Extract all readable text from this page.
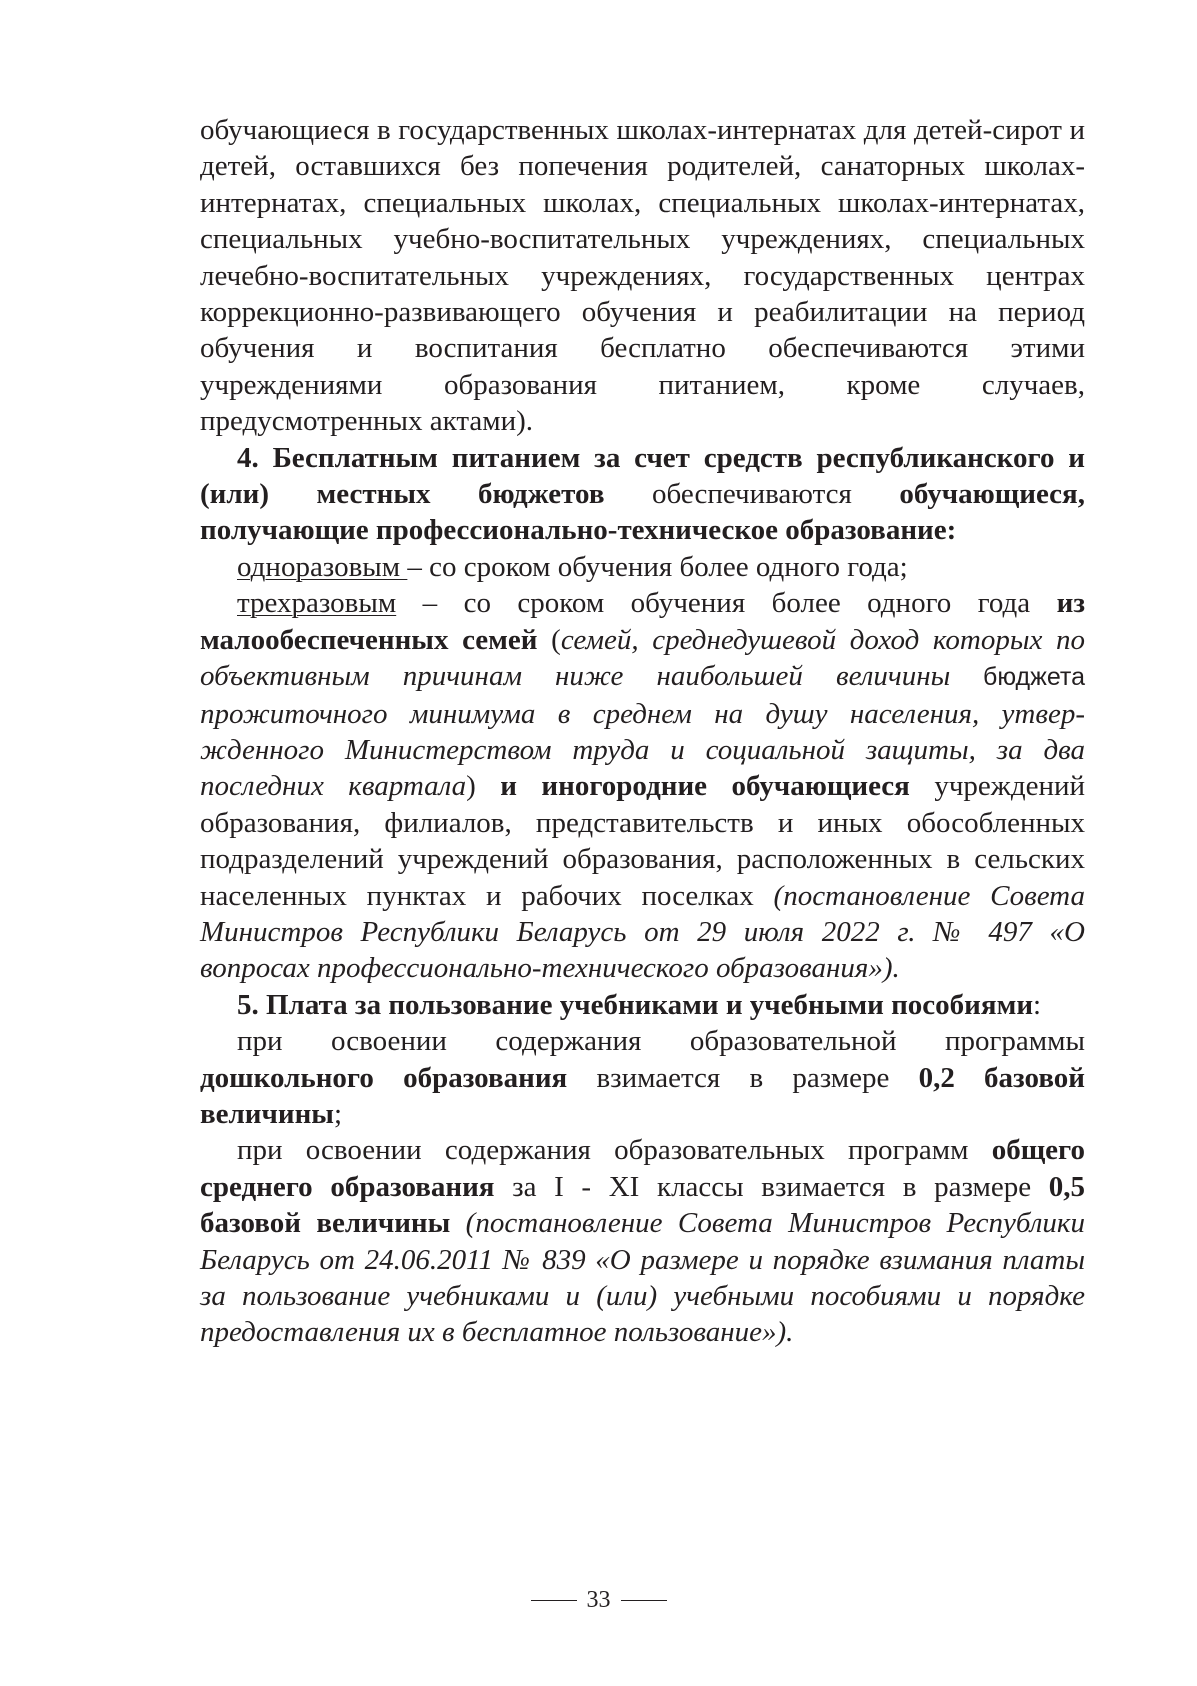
обучающиеся в государственных школах-интернатах для детей-сирот и детей, оставшихся без попечения родителей, санаторных школах-интернатах, специальных школах, специальных школах-интернатах, специальных учебно-воспитательных учреждениях, специальных лечебно-воспитательных учреждениях, государственных центрах коррекционно-развивающего обучения и реабилитации на период обучения и воспитания бесплатно обеспечиваются этими учреждениями образования питанием, кроме случаев, предусмотренных актами).

4. Бесплатным питанием за счет средств республиканского и (или) местных бюджетов обеспечиваются обучающиеся, получающие профессионально-техническое образование:

одноразовым – со сроком обучения более одного года;

трехразовым – со сроком обучения более одного года из малообеспеченных семей (семей, среднедушевой доход которых по объективным причинам ниже наибольшей величины бюджета прожиточного минимума в среднем на душу населения, утвержденного Министерством труда и социальной защиты, за два последних квартала) и иногородние обучающиеся учреждений образования, филиалов, представительств и иных обособленных подразделений учреждений образования, расположенных в сельских населенных пунктах и рабочих поселках (постановление Совета Министров Республики Беларусь от 29 июля 2022 г. № 497 «О вопросах профессионально-технического образования»).

5. Плата за пользование учебниками и учебными пособиями:

при освоении содержания образовательной программы дошкольного образования взимается в размере 0,2 базовой величины;

при освоении содержания образовательных программ общего среднего образования за I - XI классы взимается в размере 0,5 базовой величины (постановление Совета Министров Республики Беларусь от 24.06.2011 № 839 «О размере и порядке взимания платы за пользование учебниками и (или) учебными пособиями и порядке предоставления их в бесплатное пользование»).

33
